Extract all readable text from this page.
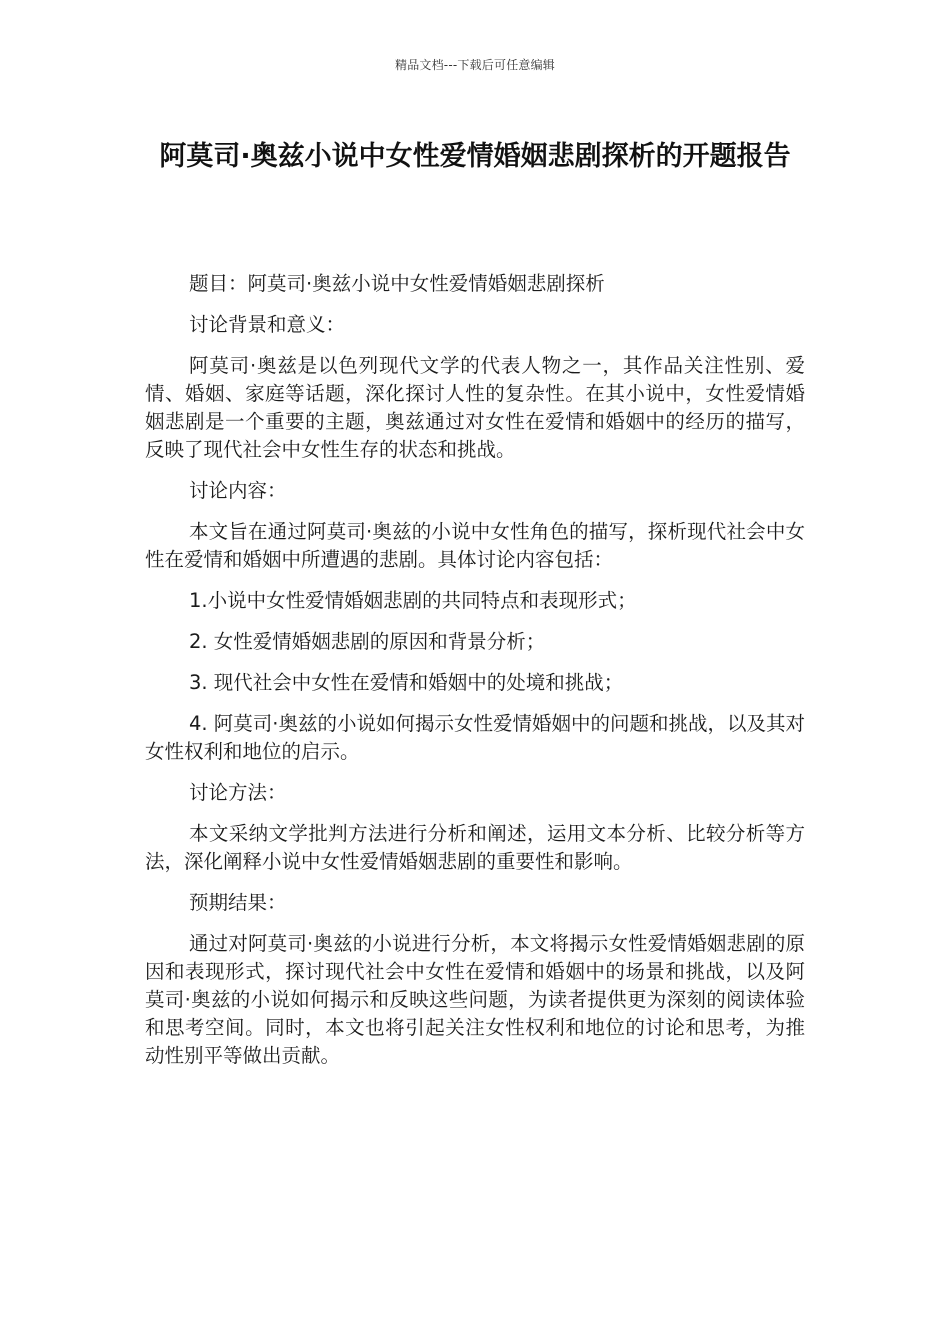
精品文档---下载后可任意编辑
阿莫司·奥兹小说中女性爱情婚姻悲剧探析的开题报告

题目：阿莫司·奥兹小说中女性爱情婚姻悲剧探析

讨论背景和意义：

阿莫司·奥兹是以色列现代文学的代表人物之一，其作品关注性别、爱情、婚姻、家庭等话题，深化探讨人性的复杂性。在其小说中，女性爱情婚姻悲剧是一个重要的主题，奥兹通过对女性在爱情和婚姻中的经历的描写，反映了现代社会中女性生存的状态和挑战。

讨论内容：

本文旨在通过阿莫司·奥兹的小说中女性角色的描写，探析现代社会中女性在爱情和婚姻中所遭遇的悲剧。具体讨论内容包括：

1.小说中女性爱情婚姻悲剧的共同特点和表现形式；

2. 女性爱情婚姻悲剧的原因和背景分析；

3. 现代社会中女性在爱情和婚姻中的处境和挑战；

4. 阿莫司·奥兹的小说如何揭示女性爱情婚姻中的问题和挑战，以及其对女性权利和地位的启示。

讨论方法：

本文采纳文学批判方法进行分析和阐述，运用文本分析、比较分析等方法，深化阐释小说中女性爱情婚姻悲剧的重要性和影响。

预期结果：

通过对阿莫司·奥兹的小说进行分析，本文将揭示女性爱情婚姻悲剧的原因和表现形式，探讨现代社会中女性在爱情和婚姻中的场景和挑战，以及阿莫司·奥兹的小说如何揭示和反映这些问题，为读者提供更为深刻的阅读体验和思考空间。同时，本文也将引起关注女性权利和地位的讨论和思考，为推动性别平等做出贡献。
